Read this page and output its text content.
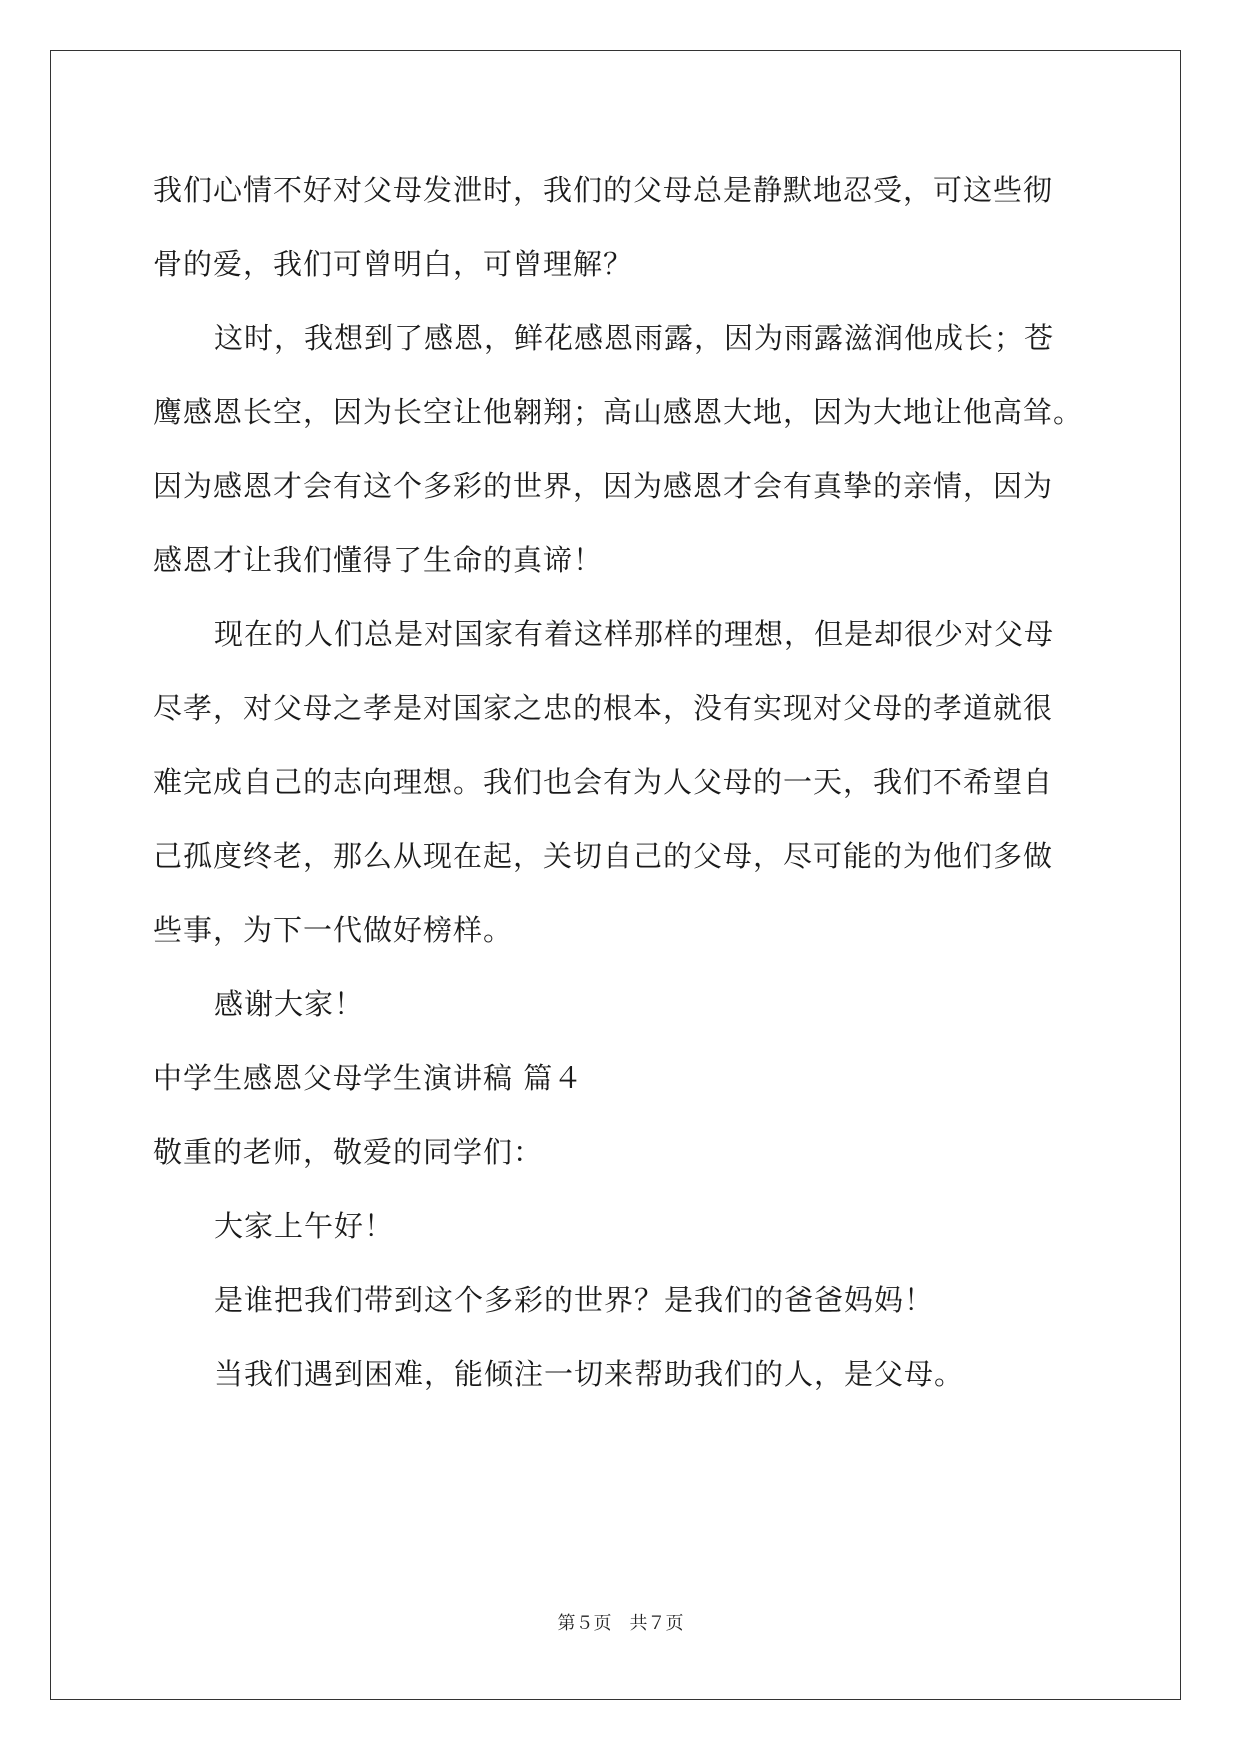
我们心情不好对父母发泄时，我们的父母总是静默地忍受，可这些彻
骨的爱，我们可曾明白，可曾理解？
这时，我想到了感恩，鲜花感恩雨露，因为雨露滋润他成长；苍
鹰感恩长空，因为长空让他翱翔；高山感恩大地，因为大地让他高耸。
因为感恩才会有这个多彩的世界，因为感恩才会有真挚的亲情，因为
感恩才让我们懂得了生命的真谛！
现在的人们总是对国家有着这样那样的理想，但是却很少对父母
尽孝，对父母之孝是对国家之忠的根本，没有实现对父母的孝道就很
难完成自己的志向理想。我们也会有为人父母的一天，我们不希望自
己孤度终老，那么从现在起，关切自己的父母，尽可能的为他们多做
些事，为下一代做好榜样。
感谢大家！
中学生感恩父母学生演讲稿 篇４
敬重的老师，敬爱的同学们：
大家上午好！
是谁把我们带到这个多彩的世界？是我们的爸爸妈妈！
当我们遇到困难，能倾注一切来帮助我们的人，是父母。
第５页　共７页
